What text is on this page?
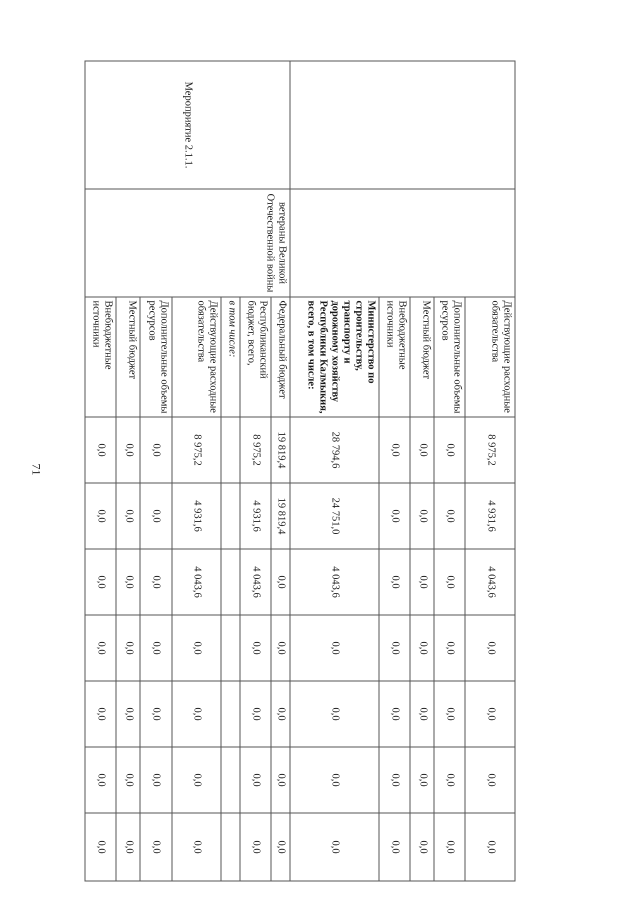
71
		Действующие расходные обязательства	8 975,2	4 931,6	4 043,6	0,0	0,0	0,0	0,0
		Дополнительные объемы ресурсов	0,0	0,0	0,0	0,0	0,0	0,0	0,0
		Местный бюджет	0,0	0,0	0,0	0,0	0,0	0,0	0,0
		Внебюджетные источники	0,0	0,0	0,0	0,0	0,0	0,0	0,0
		Министерство по строительству, транспорту и дорожному хозяйству Республики Калмыкия, всего, в том числе:	28 794,6	24 751,0	4 043,6	0,0	0,0	0,0	0,0
Мероприятие 2.1.1.	ветераны Великой Отечественной войны	Федеральный бюджет	19 819,4	19 819,4	0,0	0,0	0,0	0,0	0,0
		Республиканский бюджет, всего,	8 975,2	4 931,6	4 043,6	0,0	0,0	0,0	0,0
		в том числе:							
		Действующие расходные обязательства	8 975,2	4 931,6	4 043,6	0,0	0,0	0,0	0,0
		Дополнительные объемы ресурсов	0,0	0,0	0,0	0,0	0,0	0,0	0,0
		Местный бюджет	0,0	0,0	0,0	0,0	0,0	0,0	0,0
		Внебюджетные источники	0,0	0,0	0,0	0,0	0,0	0,0	0,0
